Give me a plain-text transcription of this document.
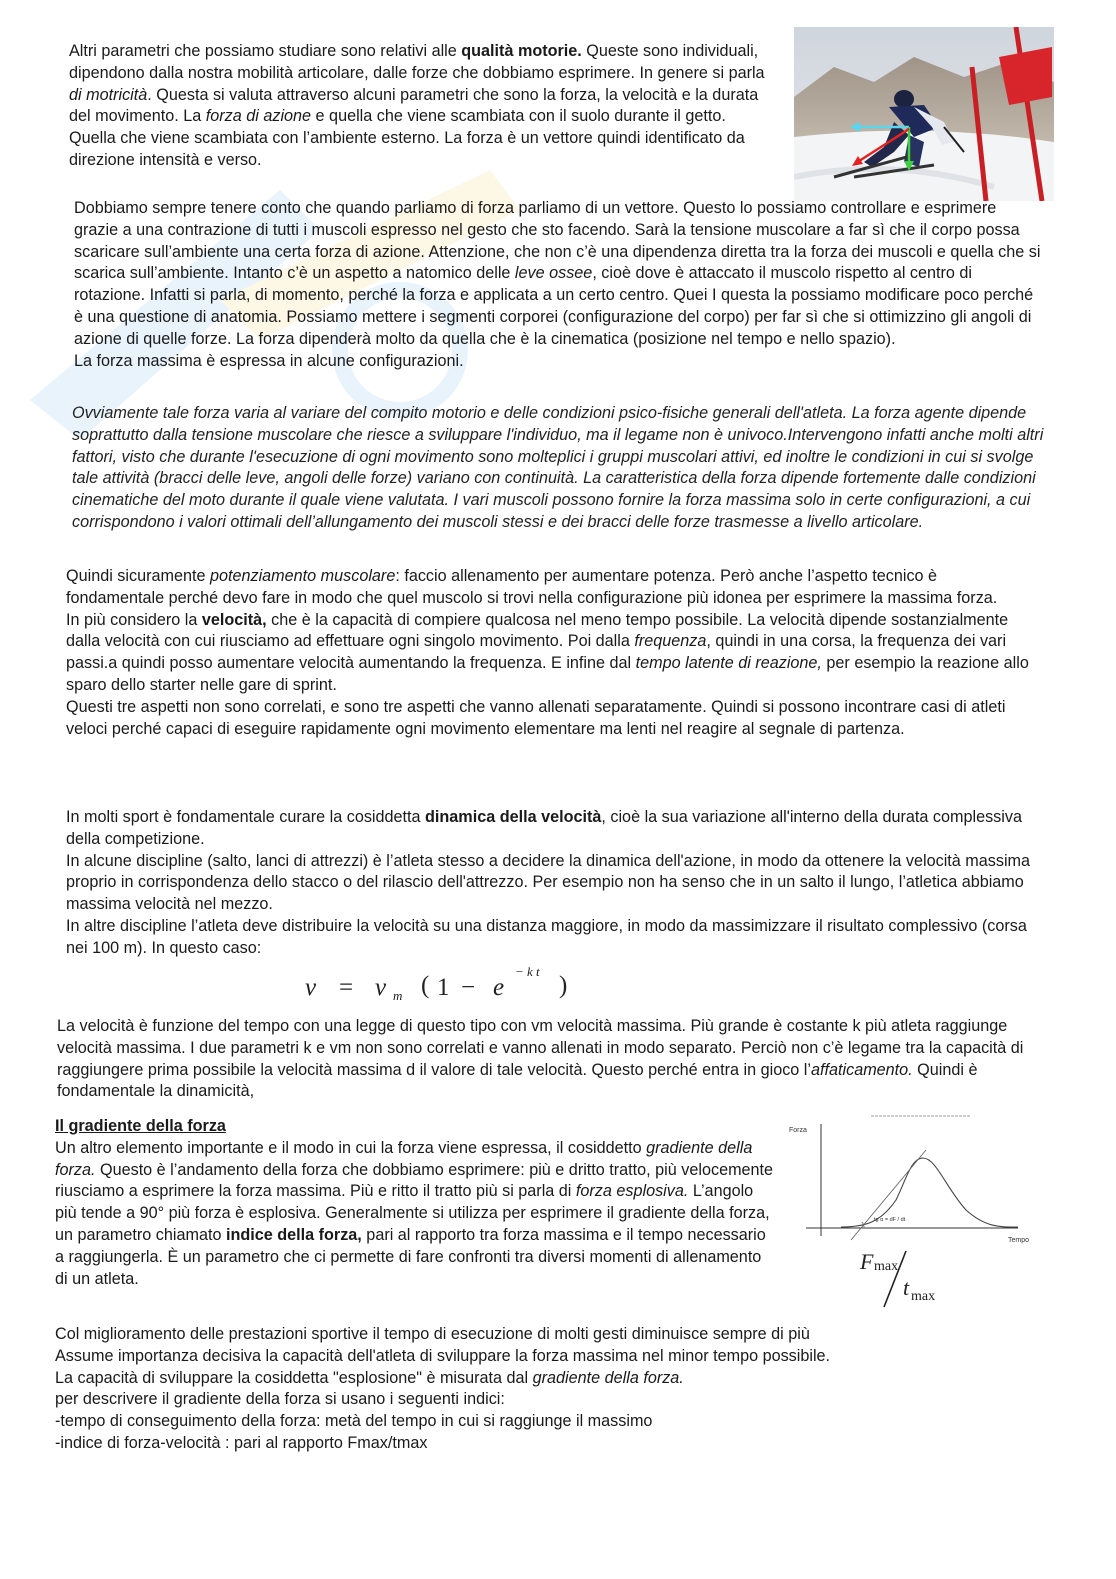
Altri parametri che possiamo studiare sono relativi alle qualità motorie. Queste sono individuali, dipendono dalla nostra mobilità articolare, dalle forze che dobbiamo esprimere. In genere si parla di motricità. Questa si valuta attraverso alcuni parametri che sono la forza, la velocità e la durata del movimento. La forza di azione e quella che viene scambiata con il suolo durante il getto. Quella che viene scambiata con l’ambiente esterno. La forza è un vettore quindi identificato da direzione intensità e verso.

Dobbiamo sempre tenere conto che quando parliamo di forza parliamo di un vettore. Questo lo possiamo controllare e esprimere grazie a una contrazione di tutti i muscoli espresso nel gesto che sto facendo. Sarà la tensione muscolare a far sì che il corpo possa scaricare sull’ambiente una certa forza di azione. Attenzione, che non c’è una dipendenza diretta tra la forza dei muscoli e quella che si scarica sull’ambiente. Intanto c’è un aspetto a natomico delle leve ossee, cioè dove è attaccato il muscolo rispetto al centro di rotazione. Infatti si parla, di momento, perché la forza e applicata a un certo centro. Quei I questa la possiamo modificare poco perché è una questione di anatomia. Possiamo mettere i segmenti corporei (configurazione del corpo) per far sì che si ottimizzino gli angoli di azione di quelle forze. La forza dipenderà molto da quella che è la cinematica (posizione nel tempo e nello spazio).

La forza massima è espressa in alcune configurazioni.

Ovviamente tale forza varia al variare del compito motorio e delle condizioni psico-fisiche generali dell'atleta. La forza agente dipende soprattutto dalla tensione muscolare che riesce a sviluppare l'individuo, ma il legame non è univoco.Intervengono infatti anche molti altri fattori, visto che durante l'esecuzione di ogni movimento sono molteplici i gruppi muscolari attivi, ed inoltre le condizioni in cui si svolge tale attività (bracci delle leve, angoli delle forze) variano con continuità. La caratteristica della forza dipende fortemente dalle condizioni cinematiche del moto durante il quale viene valutata. I vari muscoli possono fornire la forza massima solo in certe configurazioni, a cui corrispondono i valori ottimali dell’allungamento dei muscoli stessi e dei bracci delle forze trasmesse a livello articolare.

Quindi sicuramente potenziamento muscolare: faccio allenamento per aumentare potenza. Però anche l’aspetto tecnico è fondamentale perché devo fare in modo che quel muscolo si trovi nella configurazione più idonea per esprimere la massima forza.

In più considero la velocità, che è la capacità di compiere qualcosa nel meno tempo possibile. La velocità dipende sostanzialmente dalla velocità con cui riusciamo ad effettuare ogni singolo movimento. Poi dalla frequenza, quindi in una corsa, la frequenza dei vari passi.a quindi posso aumentare velocità aumentando la frequenza. E infine dal tempo latente di reazione, per esempio la reazione allo sparo dello starter nelle gare di sprint.

Questi tre aspetti non sono correlati, e sono tre aspetti che vanno allenati separatamente. Quindi si possono incontrare casi di atleti veloci perché capaci di eseguire rapidamente ogni movimento elementare ma lenti nel reagire al segnale di partenza.

In molti sport è fondamentale curare la cosiddetta dinamica della velocità, cioè la sua variazione all'interno della durata complessiva della competizione.

In alcune discipline (salto, lanci di attrezzi) è l’atleta stesso a decidere la dinamica dell'azione, in modo da ottenere la velocità massima proprio in corrispondenza dello stacco o del rilascio dell'attrezzo. Per esempio non ha senso che in un salto il lungo, l’atletica abbiamo massima velocità nel mezzo.

In altre discipline l’atleta deve distribuire la velocità su una distanza maggiore, in modo da massimizzare il risultato complessivo (corsa nei 100 m). In questo caso:

v = v m ( 1 − e
− k t
)
La velocità è funzione del tempo con una legge di questo tipo con vm velocità massima. Più grande è costante k più atleta raggiunge velocità massima. I due parametri k e vm non sono correlati e vanno allenati in modo separato. Perciò non c’è legame tra la capacità di raggiungere prima possibile la velocità massima d il valore di tale velocità. Questo perché entra in gioco l’affaticamento. Quindi è fondamentale la dinamicità,

Il gradiente della forza

Un altro elemento importante e il modo in cui la forza viene espressa, il cosiddetto gradiente della forza. Questo è l’andamento della forza che dobbiamo esprimere: più e dritto tratto, più velocemente riusciamo a esprimere la forza massima. Più e ritto il tratto più si parla di forza esplosiva. L’angolo più tende a 90° più forza è esplosiva. Generalmente si utilizza per esprimere il gradiente della forza, un parametro chiamato indice della forza, pari al rapporto tra forza massima e il tempo necessario a raggiungerla. È un parametro che ci permette di fare confronti tra diversi momenti di allenamento di un atleta.

Forza
Tempo
tg α = dF / dt
F max
t max

Col miglioramento delle prestazioni sportive il tempo di esecuzione di molti gesti diminuisce sempre di più

Assume importanza decisiva la capacità dell'atleta di sviluppare la forza massima nel minor tempo possibile.

La capacità di sviluppare la cosiddetta "esplosione" è misurata dal gradiente della forza.

per descrivere il gradiente della forza si usano i seguenti indici:

-tempo di conseguimento della forza: metà del tempo in cui si raggiunge il massimo

-indice di forza-velocità : pari al rapporto Fmax/tmax
